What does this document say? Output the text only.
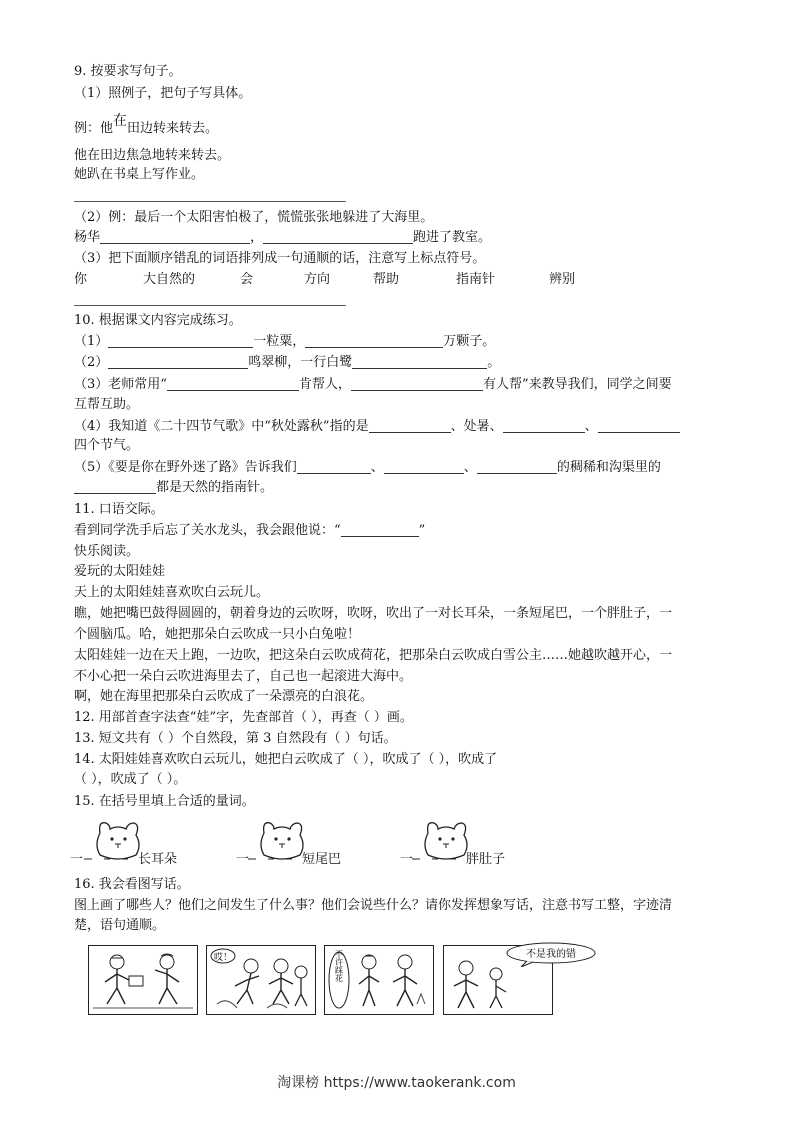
9. 按要求写句子。
（1）照例子，把句子写具体。
例：他在田边转来转去。
他在田边焦急地转来转去。
她趴在书桌上写作业。
（2）例：最后一个太阳害怕极了，慌慌张张地躲进了大海里。
杨华	，	跑进了教室。
（3）把下面顺序错乱的词语排列成一句通顺的话，注意写上标点符号。
你	大自然的	会	方向	帮助	指南针	辨别
10. 根据课文内容完成练习。
（1）	一粒粟，	万颗子。
（2）	鸣翠柳，一行白鹭	。
（3）老师常用“	肯帮人，	有人帮”来教导我们，同学之间要
互帮互助。
（4）我知道《二十四节气歌》中“秋处露秋”指的是	、处暑、	、
四个节气。
（5）《要是你在野外迷了路》告诉我们	、	、	的稠稀和沟渠里的
都是天然的指南针。
11. 口语交际。
看到同学洗手后忘了关水龙头，我会跟他说：“	”
快乐阅读。
爱玩的太阳娃娃
天上的太阳娃娃喜欢吹白云玩儿。
瞧，她把嘴巴鼓得圆圆的，朝着身边的云吹呀，吹呀，吹出了一对长耳朵，一条短尾巴，一个胖肚子，一
个圆脑瓜。哈，她把那朵白云吹成一只小白兔啦！
太阳娃娃一边在天上跑，一边吹，把这朵白云吹成荷花，把那朵白云吹成白雪公主……她越吹越开心，一
不小心把一朵白云吹进海里去了，自己也一起滚进大海中。
啊，她在海里把那朵白云吹成了一朵漂亮的白浪花。
12. 用部首查字法查“娃”字，先查部首（ ），再查（ ）画。
13. 短文共有（ ）个自然段，第 3 自然段有（ ）句话。
14. 太阳娃娃喜欢吹白云玩儿，她把白云吹成了（ ），吹成了（ ），吹成了
（ ），吹成了（ ）。
15. 在括号里填上合适的量词。
一	长耳朵	一	短尾巴	一	胖肚子
16. 我会看图写话。
图上画了哪些人？他们之间发生了什么事？他们会说些什么？请你发挥想象写话，注意书写工整，字迹清
楚，语句通顺。
哎！	不许踩花	不是我的错
淘课榜 https://www.taokerank.com
